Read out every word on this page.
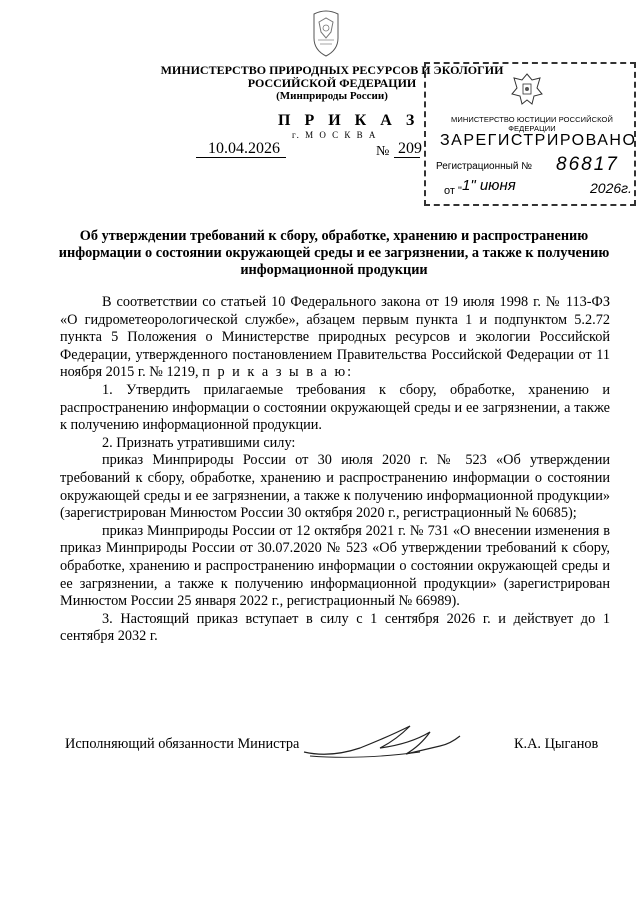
МИНИСТЕРСТВО ПРИРОДНЫХ РЕСУРСОВ И ЭКОЛОГИИ
РОССИЙСКОЙ ФЕДЕРАЦИИ
(Минприроды России)
П Р И К А З
г. М О С К В А
10.04.2026	№ 209
МИНИСТЕРСТВО ЮСТИЦИИ РОССИЙСКОЙ ФЕДЕРАЦИИ
ЗАРЕГИСТРИРОВАНО
Регистрационный № 86817
от " 1" июня	2026г.
Об утверждении требований к сбору, обработке, хранению и распространению информации о состоянии окружающей среды и ее загрязнении, а также к получению информационной продукции

В соответствии со статьей 10 Федерального закона от 19 июля 1998 г. № 113-ФЗ «О гидрометеорологической службе», абзацем первым пункта 1 и подпунктом 5.2.72 пункта 5 Положения о Министерстве природных ресурсов и экологии Российской Федерации, утвержденного постановлением Правительства Российской Федерации от 11 ноября 2015 г. № 1219, п р и к а з ы в а ю:

1. Утвердить прилагаемые требования к сбору, обработке, хранению и распространению информации о состоянии окружающей среды и ее загрязнении, а также к получению информационной продукции.

2. Признать утратившими силу:

приказ Минприроды России от 30 июля 2020 г. № 523 «Об утверждении требований к сбору, обработке, хранению и распространению информации о состоянии окружающей среды и ее загрязнении, а также к получению информационной продукции» (зарегистрирован Минюстом России 30 октября 2020 г., регистрационный № 60685);

приказ Минприроды России от 12 октября 2021 г. № 731 «О внесении изменения в приказ Минприроды России от 30.07.2020 № 523 «Об утверждении требований к сбору, обработке, хранению и распространению информации о состоянии окружающей среды и ее загрязнении, а также к получению информационной продукции» (зарегистрирован Минюстом России 25 января 2022 г., регистрационный № 66989).

3. Настоящий приказ вступает в силу с 1 сентября 2026 г. и действует до 1 сентября 2032 г.

Исполняющий обязанности Министра	К.А. Цыганов
